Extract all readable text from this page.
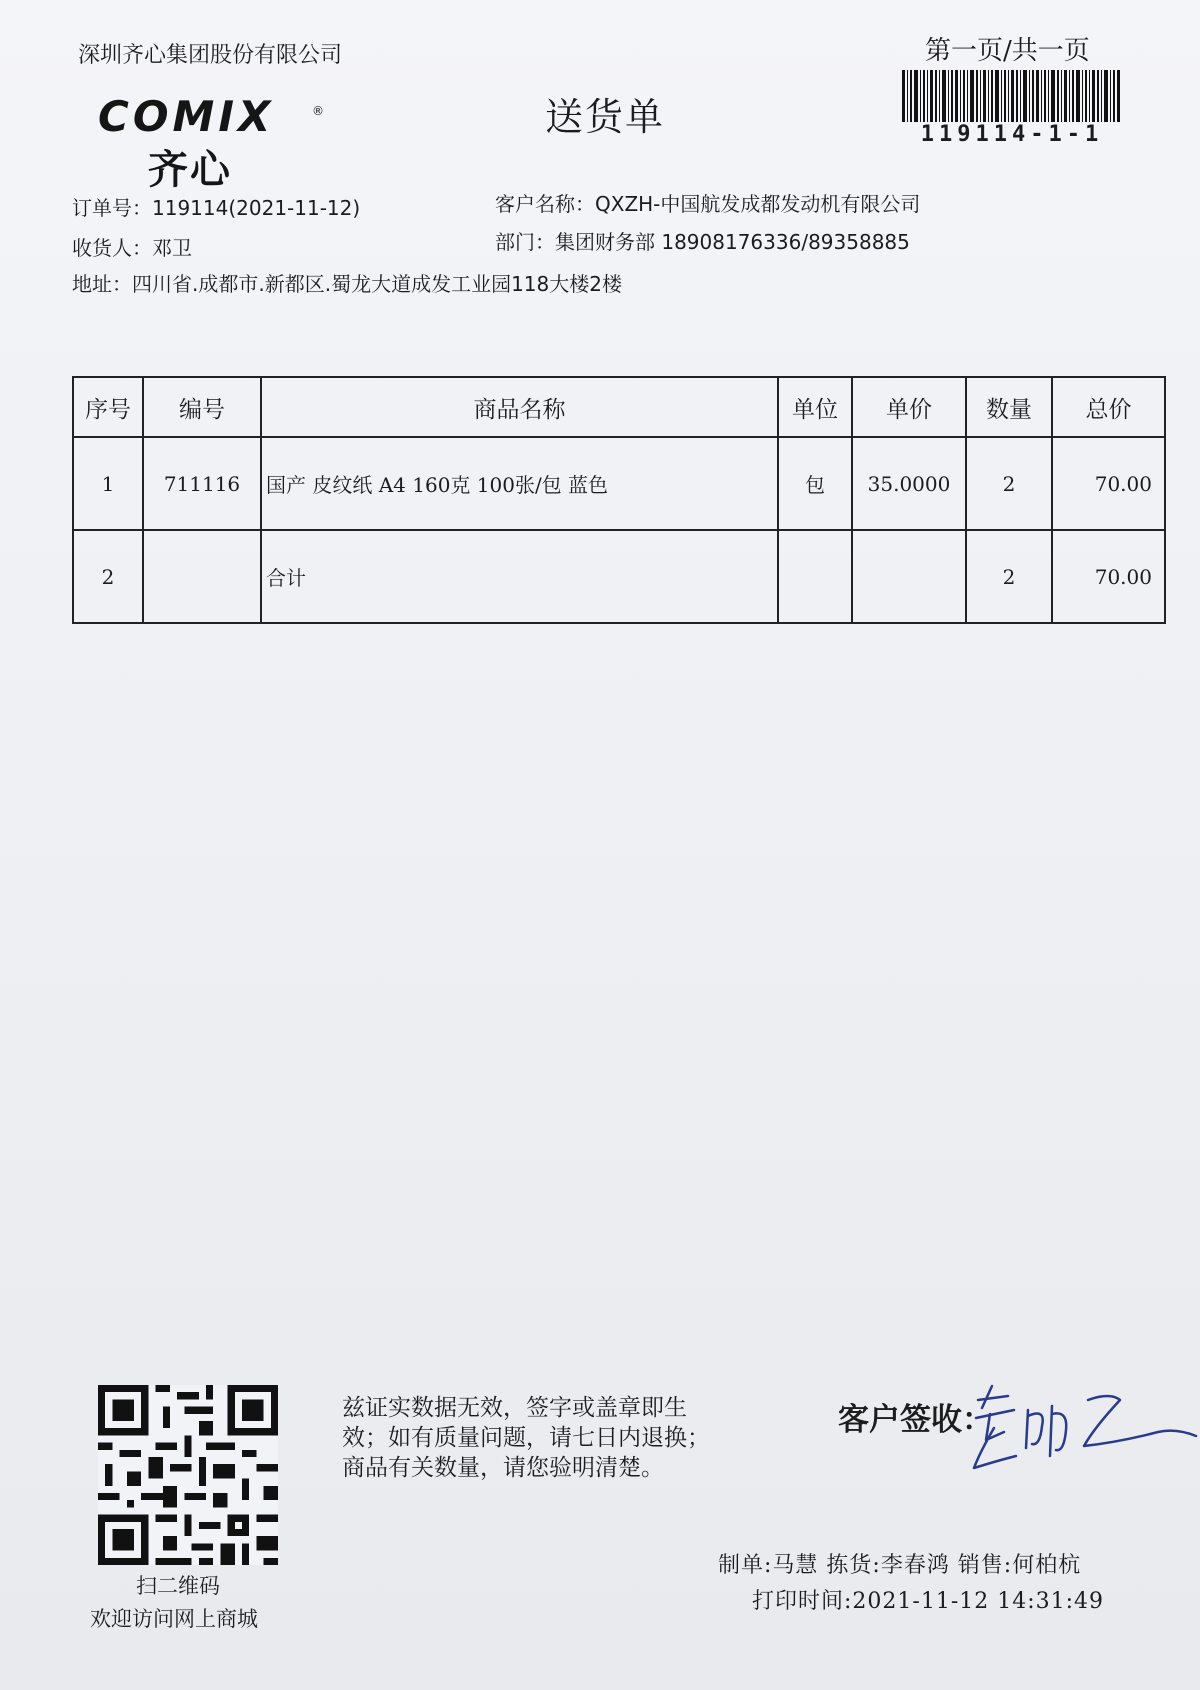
深圳齐心集团股份有限公司	第一页/共一页
119114-1-1
送货单
COMIX	®
齐心
订单号：119114(2021-11-12)
收货人：邓卫
地址：四川省.成都市.新都区.蜀龙大道成发工业园118大楼2楼
客户名称：QXZH-中国航发成都发动机有限公司
部门：集团财务部 18908176336/89358885
序号	编号	商品名称	单位	单价	数量	总价
1	711116	国产 皮纹纸 A4 160克 100张/包 蓝色	包	35.0000	2	70.00
2		合计			2	70.00
扫二维码
欢迎访问网上商城
兹证实数据无效，签字或盖章即生
效；如有质量问题，请七日内退换；
商品有关数量，请您验明清楚。
客户签收：
制单:马慧 拣货:李春鸿 销售:何柏杭
打印时间:2021-11-12 14:31:49
